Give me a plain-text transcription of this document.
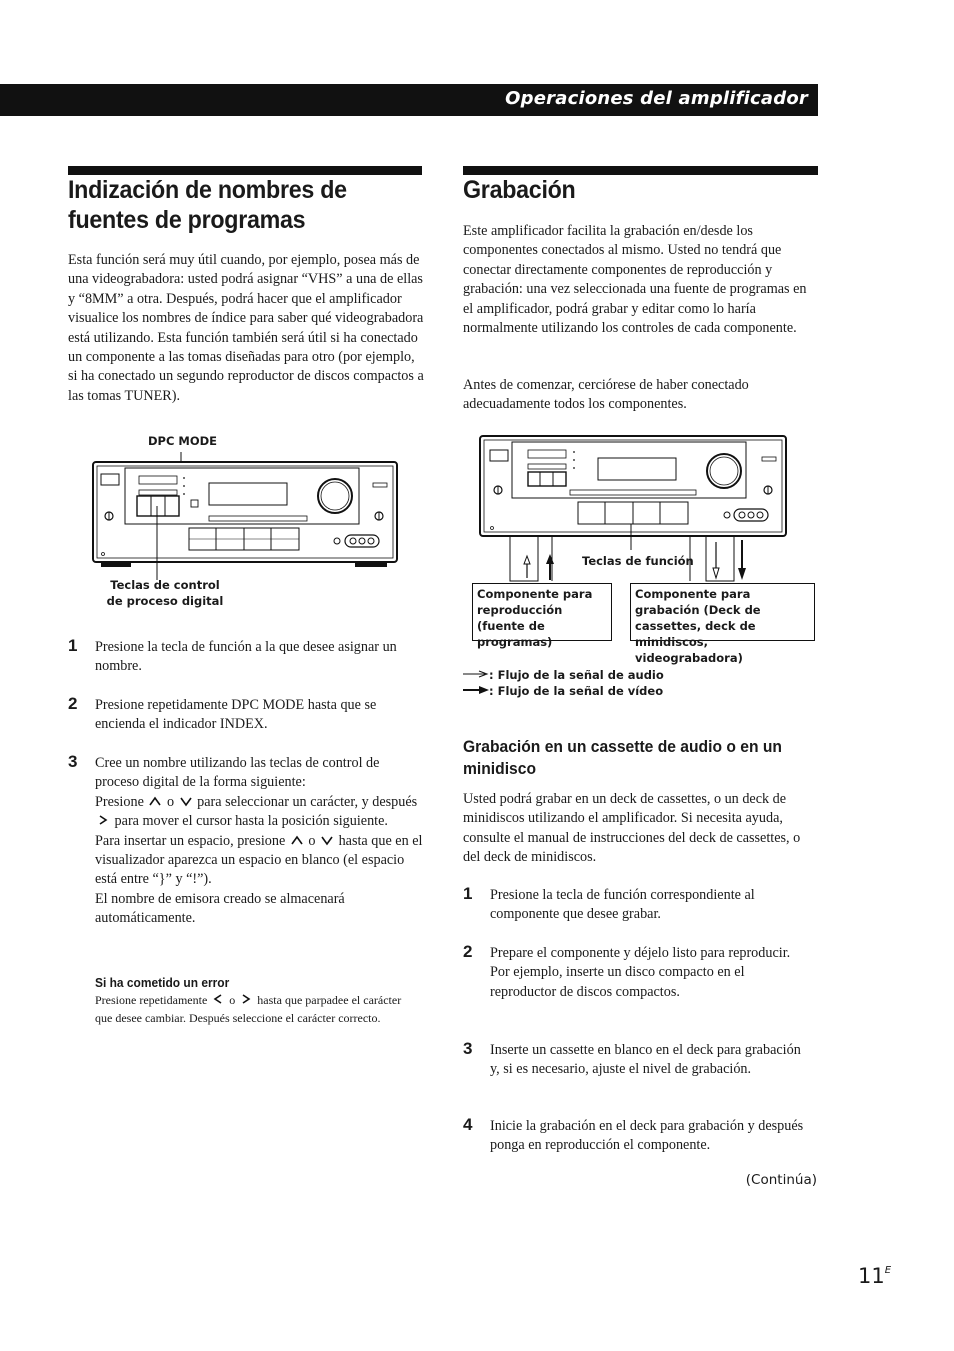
Operaciones del amplificador
Indización de nombres de
fuentes de programas
Esta función será muy útil cuando, por ejemplo, posea más de una videograbadora: usted podrá asignar “VHS” a una de ellas y “8MM” a otra. Después, podrá hacer que el amplificador visualice los nombres de índice para saber qué videograbadora está utilizando. Esta función también será útil si ha conectado un componente a las tomas diseñadas para otro (por ejemplo, si ha conectado un segundo reproductor de discos compactos a las tomas TUNER).
DPC MODE
Teclas de control
de proceso digital
1 Presione la tecla de función a la que desee asignar un nombre.
2 Presione repetidamente DPC MODE hasta que se encienda el indicador INDEX.
3 Cree un nombre utilizando las teclas de control de proceso digital de la forma siguiente:
Presione o para seleccionar un carácter, y después  para mover el cursor hasta la posición siguiente.
Para insertar un espacio, presione o hasta que en el visualizador aparezca un espacio en blanco (el espacio está entre “}” y “!”).
El nombre de emisora creado se almacenará automáticamente.
Si ha cometido un error
Presione repetidamente o hasta que parpadee el carácter que desee cambiar. Después seleccione el carácter correcto.
Grabación
Este amplificador facilita la grabación en/desde los componentes conectados al mismo. Usted no tendrá que conectar directamente componentes de reproducción y grabación: una vez seleccionada una fuente de programas en el amplificador, podrá grabar y editar como lo haría normalmente utilizando los controles de cada componente.
Antes de comenzar, cerciórese de haber conectado adecuadamente todos los componentes.
Teclas de función
Componente para reproducción (fuente de programas)
Componente para grabación (Deck de cassettes, deck de minidiscos, videograbadora)
: Flujo de la señal de audio
: Flujo de la señal de vídeo
Grabación en un cassette de audio o en un minidisco
Usted podrá grabar en un deck de cassettes, o un deck de minidiscos utilizando el amplificador. Si necesita ayuda, consulte el manual de instrucciones del deck de cassettes, o del deck de minidiscos.
1 Presione la tecla de función correspondiente al componente que desee grabar.
2 Prepare el componente y déjelo listo para reproducir.
Por ejemplo, inserte un disco compacto en el reproductor de discos compactos.
3 Inserte un cassette en blanco en el deck para grabación y, si es necesario, ajuste el nivel de grabación.
4 Inicie la grabación en el deck para grabación y después ponga en reproducción el componente.
(Continúa)
$11^E$
